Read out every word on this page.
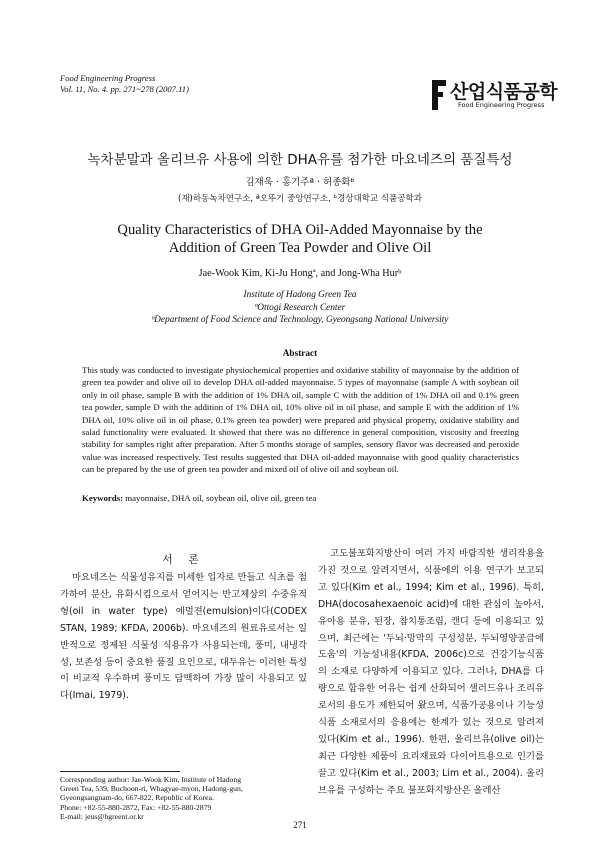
Food Engineering Progress
Vol. 11, No. 4. pp. 271~278 (2007.11)	산업식품공학
Food Engineering Progress
녹차분말과 올리브유 사용에 의한 DHA유를 첨가한 마요네즈의 품질특성
김재욱 · 홍기주ª · 허종화ᵇ
(재)하동녹차연구소, ª오뚜기 중앙연구소, ᵇ경상대학교 식품공학과
Quality Characteristics of DHA Oil-Added Mayonnaise by the
Addition of Green Tea Powder and Olive Oil
Jae-Wook Kim, Ki-Ju Hongª, and Jong-Wha Hurᵇ
Institute of Hadong Green Tea
ªOttogi Research Center
ᵇDepartment of Food Science and Technology, Gyeongsang National University
Abstract
This study was conducted to investigate physiochemical properties and oxidative stability of mayonnaise by the addition of green tea powder and olive oil to develop DHA oil-added mayonnaise. 5 types of mayonnaise (sample A with soybean oil only in oil phase, sample B with the addition of 1% DHA oil, sample C with the addition of 1% DHA oil and 0.1% green tea powder, sample D with the addition of 1% DHA oil, 10% olive oil in oil phase, and sample E with the addition of 1% DHA oil, 10% olive oil in oil phase, 0.1% green tea powder) were prepared and physical property, oxidative stability and salad functionality were evaluated. It showed that there was no difference in general composition, viscosity and freezing stability for samples right after preparation. After 5 months storage of samples, sensory flavor was decreased and peroxide value was increased respectively. Test results suggested that DHA oil-added mayonnaise with good quality characteristics can be prepared by the use of green tea powder and mixed oil of olive oil and soybean oil.
Keywords: mayonnaise, DHA oil, soybean oil, olive oil, green tea
서 론

마요네즈는 식물성유지를 미세한 입자로 만들고 식초를 첨가하여 분산, 유화시킴으로서 얻어지는 반고체상의 수중유적형(oil in water type) 에멀젼(emulsion)이다(CODEX STAN, 1989; KFDA, 2006b). 마요네즈의 원료유로서는 일반적으로 정제된 식물성 식용유가 사용되는데, 풍미, 내냉각성, 보존성 등이 중요한 품질 요인으로, 대두유는 이러한 특성이 비교적 우수하며 풍미도 담백하여 가장 많이 사용되고 있다(Imai, 1979).

고도불포화지방산이 여러 가지 바람직한 생리작용을 가진 것으로 알려지면서, 식품에의 이용 연구가 보고되고 있다(Kim et al., 1994; Kim et al., 1996). 특히, DHA(docosahexaenoic acid)에 대한 관심이 높아서, 유아용 분유, 된장, 참치통조림, 캔디 등에 이용되고 있으며, 최근에는 '두뇌·망막의 구성성분, 두뇌영양공급에 도움'의 기능성내용(KFDA, 2006c)으로 건강기능식품의 소재로 다양하게 이용되고 있다. 그러나, DHA를 다량으로 함유한 어유는 쉽게 산화되어 샐러드유나 조리유로서의 용도가 제한되어 왔으며, 식품가공용이나 기능성 식품 소재로서의 응용에는 한계가 있는 것으로 알려져 있다(Kim et al., 1996). 한편, 올리브유(olive oil)는 최근 다양한 제품이 요리재료와 다이어트용으로 인기를 끌고 있다(Kim et al., 2003; Lim et al., 2004). 올리브유를 구성하는 주요 불포화지방산은 올레산

Corresponding author: Jae-Wook Kim, Institute of Hadong
Green Tea, 539, Buchoon-ri, Whagyae-myon, Hadong-gun,
Gyeongsangnam-do, 667-822, Republic of Korea.
Phone: +82-55-880-2872, Fax: +82-55-880-2879
E-mail: jeus@hgreent.or.kr
271
